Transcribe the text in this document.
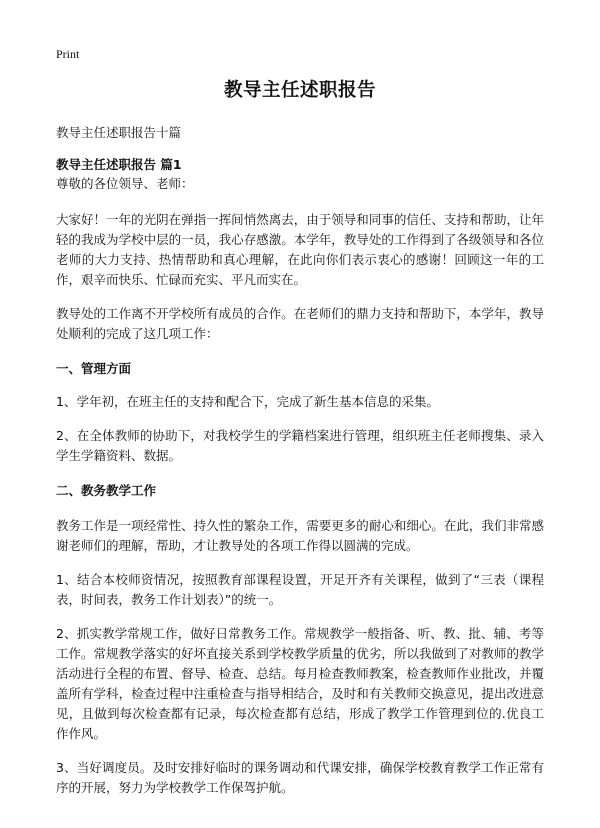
Print
教导主任述职报告
教导主任述职报告十篇
教导主任述职报告 篇1

尊敬的各位领导、老师：

大家好！一年的光阴在弹指一挥间悄然离去，由于领导和同事的信任、支持和帮助，让年轻的我成为学校中层的一员，我心存感激。本学年，教导处的工作得到了各级领导和各位老师的大力支持、热情帮助和真心理解，在此向你们表示衷心的感谢！回顾这一年的工作，艰辛而快乐、忙碌而充实、平凡而实在。

教导处的工作离不开学校所有成员的合作。在老师们的鼎力支持和帮助下，本学年，教导处顺利的完成了这几项工作：

一、管理方面

1、学年初，在班主任的支持和配合下，完成了新生基本信息的采集。

2、在全体教师的协助下，对我校学生的学籍档案进行管理，组织班主任老师搜集、录入学生学籍资料、数据。

二、教务教学工作

教务工作是一项经常性、持久性的繁杂工作，需要更多的耐心和细心。在此，我们非常感谢老师们的理解，帮助，才让教导处的各项工作得以圆满的完成。

1、结合本校师资情况，按照教育部课程设置，开足开齐有关课程，做到了“三表（课程表，时间表，教务工作计划表）”的统一。

2、抓实教学常规工作，做好日常教务工作。常规教学一般指备、听、教、批、辅、考等工作。常规教学落实的好坏直接关系到学校教学质量的优劣，所以我做到了对教师的教学活动进行全程的布置、督导、检查、总结。每月检查教师教案，检查教师作业批改，并覆盖所有学科，检查过程中注重检查与指导相结合，及时和有关教师交换意见，提出改进意见，且做到每次检查都有记录，每次检查都有总结，形成了教学工作管理到位的.优良工作作风。

3、当好调度员。及时安排好临时的课务调动和代课安排，确保学校教育教学工作正常有序的开展，努力为学校教学工作保驾护航。
